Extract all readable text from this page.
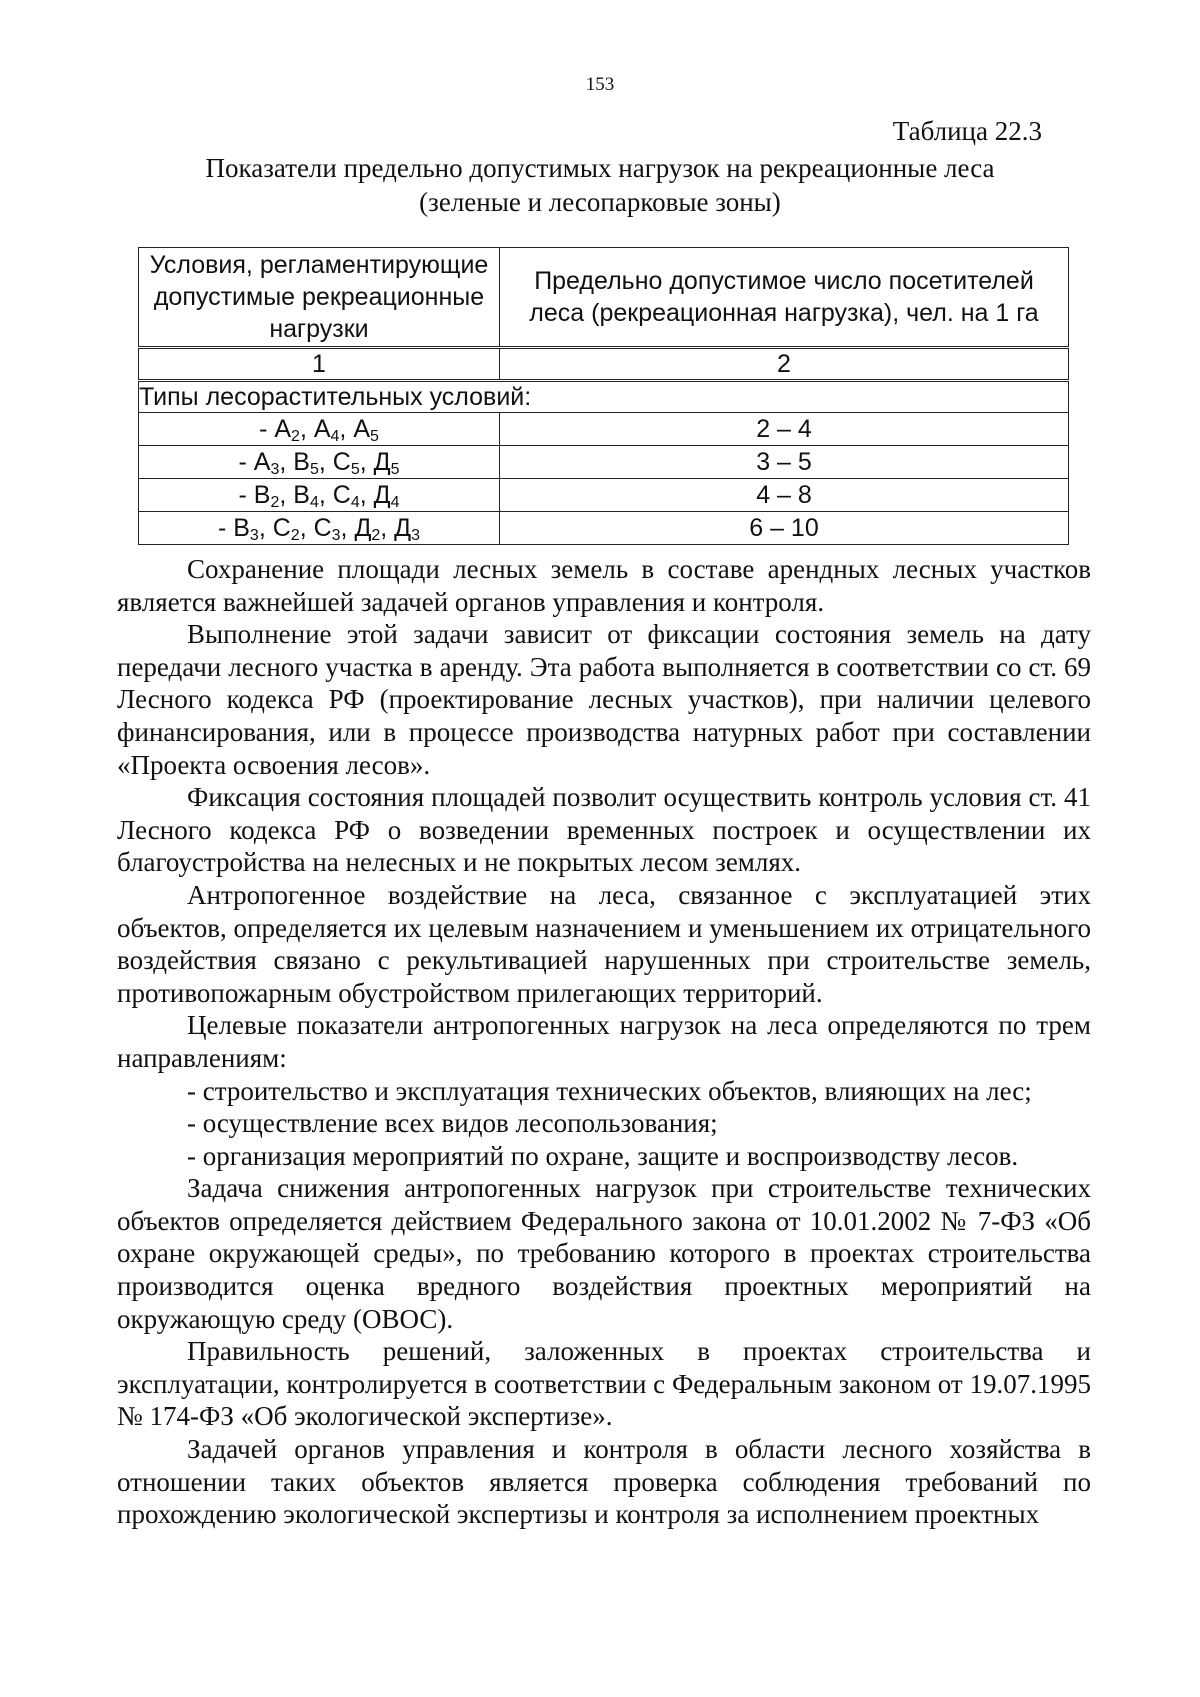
153
Таблица 22.3
Показатели предельно допустимых нагрузок на рекреационные леса
(зеленые и лесопарковые зоны)
Условия, регламентирующие допустимые рекреационные нагрузки	Предельно допустимое число посетителей леса (рекреационная нагрузка), чел. на 1 га
1	2
Типы лесорастительных условий:	
- $А_2$, $А_4$, $А_5$	2 – 4
- $А_3$, $В_5$, $С_5$, $Д_5$	3 – 5
- $В_2$, $В_4$, $С_4$, $Д_4$	4 – 8
- $В_3$, $С_2$, $С_3$, $Д_2$, $Д_3$	6 – 10

Сохранение площади лесных земель в составе арендных лесных участков является важнейшей задачей органов управления и контроля.

Выполнение этой задачи зависит от фиксации состояния земель на дату передачи лесного участка в аренду. Эта работа выполняется в соответствии со ст. 69 Лесного кодекса РФ (проектирование лесных участков), при наличии целевого финансирования, или в процессе производства натурных работ при составлении «Проекта освоения лесов».

Фиксация состояния площадей позволит осуществить контроль условия ст. 41 Лесного кодекса РФ о возведении временных построек и осуществлении их благоустройства на нелесных и не покрытых лесом землях.

Антропогенное воздействие на леса, связанное с эксплуатацией этих объектов, определяется их целевым назначением и уменьшением их отрицательного воздействия связано с рекультивацией нарушенных при строительстве земель, противопожарным обустройством прилегающих территорий.

Целевые показатели антропогенных нагрузок на леса определяются по трем направлениям:

- строительство и эксплуатация технических объектов, влияющих на лес;

- осуществление всех видов лесопользования;

- организация мероприятий по охране, защите и воспроизводству лесов.

Задача снижения антропогенных нагрузок при строительстве технических объектов определяется действием Федерального закона от 10.01.2002 № 7-ФЗ «Об охране окружающей среды», по требованию которого в проектах строительства производится оценка вредного воздействия проектных мероприятий на окружающую среду (ОВОС).

Правильность решений, заложенных в проектах строительства и эксплуатации, контролируется в соответствии с Федеральным законом от 19.07.1995 № 174-ФЗ «Об экологической экспертизе».

Задачей органов управления и контроля в области лесного хозяйства в отношении таких объектов является проверка соблюдения требований по прохождению экологической экспертизы и контроля за исполнением проектных
